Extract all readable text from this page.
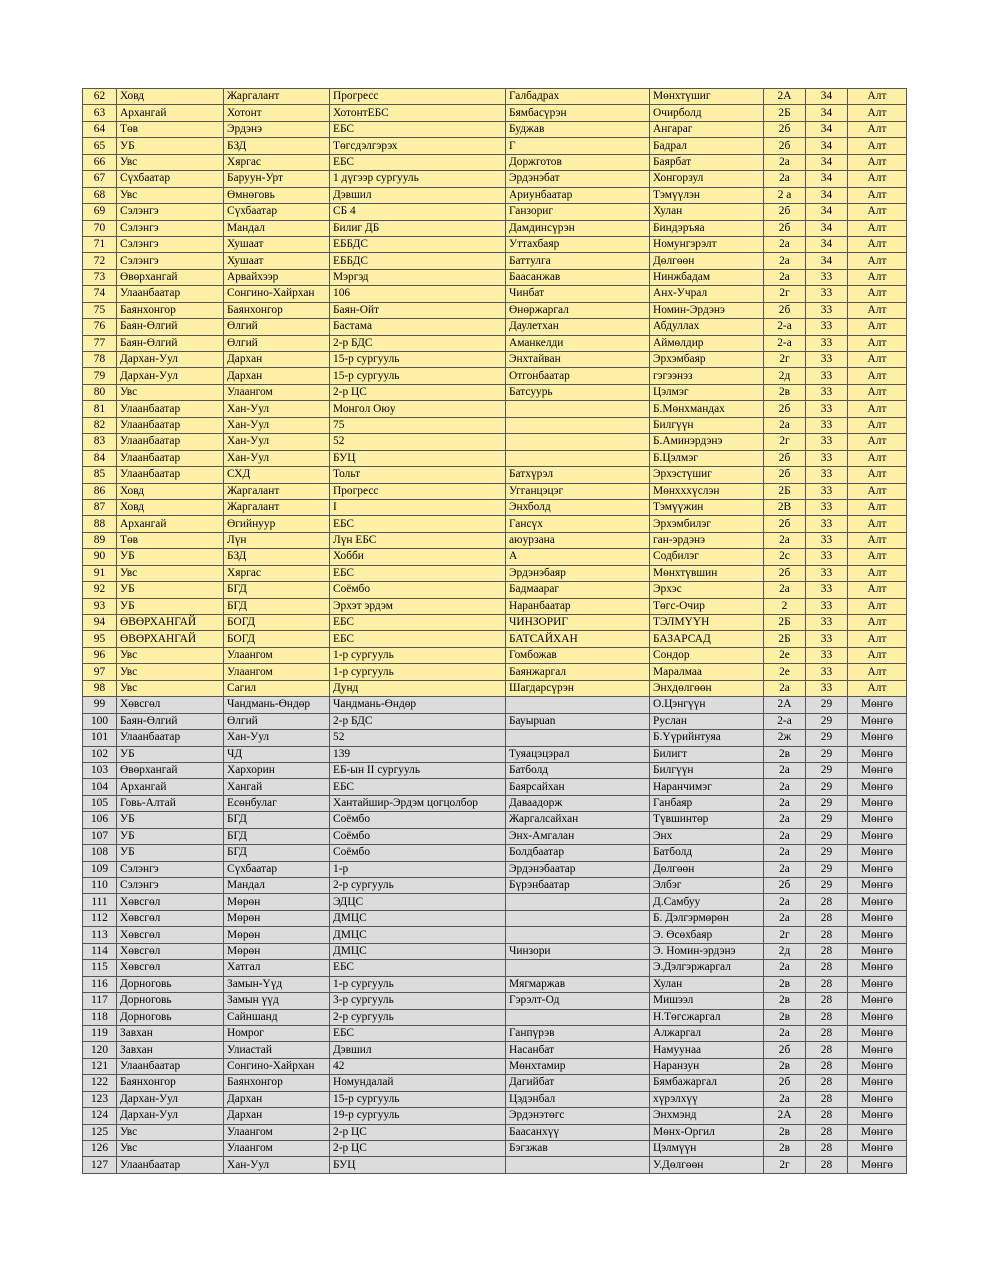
62	Ховд	Жаргалант	Прогресс	Галбадрах	Мөнхтүшиг	2А	34	Алт
63	Архангай	Хотонт	ХотонтЕБС	Бямбасүрэн	Очирболд	2Б	34	Алт
64	Төв	Эрдэнэ	ЕБС	Буджав	Ангараг	2б	34	Алт
65	УБ	БЗД	Төгсдэлгэрэх	Г	Бадрал	2б	34	Алт
66	Увс	Хяргас	ЕБС	Доржготов	Баярбат	2а	34	Алт
67	Сүхбаатар	Баруун-Урт	1 дүгээр сургууль	Эрдэнэбат	Хонгорзул	2а	34	Алт
68	Увс	Өмнөговь	Дэвшил	Ариунбаатар	Тэмүүлэн	2 а	34	Алт
69	Сэлэнгэ	Сүхбаатар	СБ 4	Ганзориг	Хулан	2б	34	Алт
70	Сэлэнгэ	Мандал	Билиг ДБ	Дамдинсүрэн	Биндэръяа	2б	34	Алт
71	Сэлэнгэ	Хушаат	ЕББДС	Уттахбаяр	Номунгэрэлт	2а	34	Алт
72	Сэлэнгэ	Хушаат	ЕББДС	Баттулга	Дөлгөөн	2а	34	Алт
73	Өвөрхангай	Арвайхээр	Мэргэд	Баасанжав	Нинжбадам	2а	33	Алт
74	Улаанбаатар	Сонгино-Хайрхан	106	Чинбат	Анх-Учрал	2г	33	Алт
75	Баянхонгор	Баянхонгор	Баян-Ойт	Өнөржаргал	Номин-Эрдэнэ	2б	33	Алт
76	Баян-Өлгий	Өлгий	Бастама	Даулетхан	Абдуллах	2-а	33	Алт
77	Баян-Өлгий	Өлгий	2-р БДС	Аманкелди	Аймөлдир	2-а	33	Алт
78	Дархан-Уул	Дархан	15-р сургууль	Энхтайван	Эрхэмбаяр	2г	33	Алт
79	Дархан-Уул	Дархан	15-р сургууль	Отгонбаатар	гэгээнэз	2д	33	Алт
80	Увс	Улаангом	2-р ЦС	Батсуурь	Цэлмэг	2в	33	Алт
81	Улаанбаатар	Хан-Уул	Монгол Оюу		Б.Мөнхмандах	2б	33	Алт
82	Улаанбаатар	Хан-Уул	75		Билгүүн	2а	33	Алт
83	Улаанбаатар	Хан-Уул	52		Б.Аминэрдэнэ	2г	33	Алт
84	Улаанбаатар	Хан-Уул	БУЦ		Б.Цэлмэг	2б	33	Алт
85	Улаанбаатар	СХД	Тольт	Батхүрэл	Эрхэстүшиг	2б	33	Алт
86	Ховд	Жаргалант	Прогресс	Угганцэцэг	Мөнхххүслэн	2Б	33	Алт
87	Ховд	Жаргалант	I	Энхболд	Тэмүүжин	2В	33	Алт
88	Архангай	Өгийнуур	ЕБС	Гансүх	Эрхэмбилэг	2б	33	Алт
89	Төв	Лүн	Лүн ЕБС	аюурзана	ган-эрдэнэ	2а	33	Алт
90	УБ	БЗД	Хобби	А	Содбилэг	2с	33	Алт
91	Увс	Хяргас	ЕБС	Эрдэнэбаяр	Мөнхтүвшин	2б	33	Алт
92	УБ	БГД	Соёмбо	Бадмаараг	Эрхэс	2а	33	Алт
93	УБ	БГД	Эрхэт эрдэм	Наранбаатар	Төгс-Очир	2	33	Алт
94	ӨВӨРХАНГАЙ	БОГД	ЕБС	ЧИНЗОРИГ	ТЭЛМҮҮН	2Б	33	Алт
95	ӨВӨРХАНГАЙ	БОГД	ЕБС	БАТСАЙХАН	БАЗАРСАД	2Б	33	Алт
96	Увс	Улаангом	1-р сургууль	Гомбожав	Сондор	2е	33	Алт
97	Увс	Улаангом	1-р сургууль	Баянжаргал	Маралмаа	2е	33	Алт
98	Увс	Сагил	Дунд	Шагдарсүрэн	Энхдөлгөөн	2а	33	Алт
99	Хөвсгөл	Чандмань-Өндөр	Чандмань-Өндөр		О.Цэнгүүн	2А	29	Мөнгө
100	Баян-Өлгий	Өлгий	2-р БДС	Бауырuan	Руслан	2-а	29	Мөнгө
101	Улаанбаатар	Хан-Уул	52		Б.Үүрийнтуяа	2ж	29	Мөнгө
102	УБ	ЧД	139	Туяацэцэрал	Билигт	2в	29	Мөнгө
103	Өвөрхангай	Хархорин	ЕБ-ын II сургууль	Батболд	Билгүүн	2а	29	Мөнгө
104	Архангай	Хангай	ЕБС	Баярсайхан	Наранчимэг	2а	29	Мөнгө
105	Говь-Алтай	Есөнбулаг	Хантайшир-Эрдэм цогцолбор	Даваадорж	Ганбаяр	2а	29	Мөнгө
106	УБ	БГД	Соёмбо	Жаргалсайхан	Түвшинтөр	2а	29	Мөнгө
107	УБ	БГД	Соёмбо	Энх-Амгалан	Энх	2а	29	Мөнгө
108	УБ	БГД	Соёмбо	Болдбаатар	Батболд	2а	29	Мөнгө
109	Сэлэнгэ	Сүхбаатар	1-р	Эрдэнэбаатар	Дөлгөөн	2а	29	Мөнгө
110	Сэлэнгэ	Мандал	2-р сургууль	Бүрэнбаатар	Элбэг	2б	29	Мөнгө
111	Хөвсгөл	Мөрөн	ЭДЦС		Д.Самбуу	2а	28	Мөнгө
112	Хөвсгөл	Мөрөн	ДМЦС		Б. Дэлгэрмөрөн	2а	28	Мөнгө
113	Хөвсгөл	Мөрөн	ДМЦС		Э. Өсөхбаяр	2г	28	Мөнгө
114	Хөвсгөл	Мөрөн	ДМЦС	Чинзори	Э. Номин-эрдэнэ	2д	28	Мөнгө
115	Хөвсгөл	Хатгал	ЕБС		Э.Дэлгэржаргал	2а	28	Мөнгө
116	Дорноговь	Замын-Үүд	1-р сургууль	Мягмаржав	Хулан	2в	28	Мөнгө
117	Дорноговь	Замын үүд	3-р сургууль	Гэрэлт-Од	Мишээл	2в	28	Мөнгө
118	Дорноговь	Сайншанд	2-р сургууль		Н.Төгсжаргал	2в	28	Мөнгө
119	Завхан	Номрог	ЕБС	Ганпүрэв	Алжаргал	2а	28	Мөнгө
120	Завхан	Улиастай	Дэвшил	Насанбат	Намуунаа	2б	28	Мөнгө
121	Улаанбаатар	Сонгино-Хайрхан	42	Мөнхтамир	Наранзун	2в	28	Мөнгө
122	Баянхонгор	Баянхонгор	Номундалай	Дагийбат	Бямбажаргал	2б	28	Мөнгө
123	Дархан-Уул	Дархан	15-р сургууль	Цэдэнбал	хүрэлхүү	2а	28	Мөнгө
124	Дархан-Уул	Дархан	19-р сургууль	Эрдэнэтөгс	Энхмэнд	2А	28	Мөнгө
125	Увс	Улаангом	2-р ЦС	Баасанхүү	Мөнх-Оргил	2в	28	Мөнгө
126	Увс	Улаангом	2-р ЦС	Бэгзжав	Цэлмүүн	2в	28	Мөнгө
127	Улаанбаатар	Хан-Уул	БУЦ		У.Дөлгөөн	2г	28	Мөнгө
